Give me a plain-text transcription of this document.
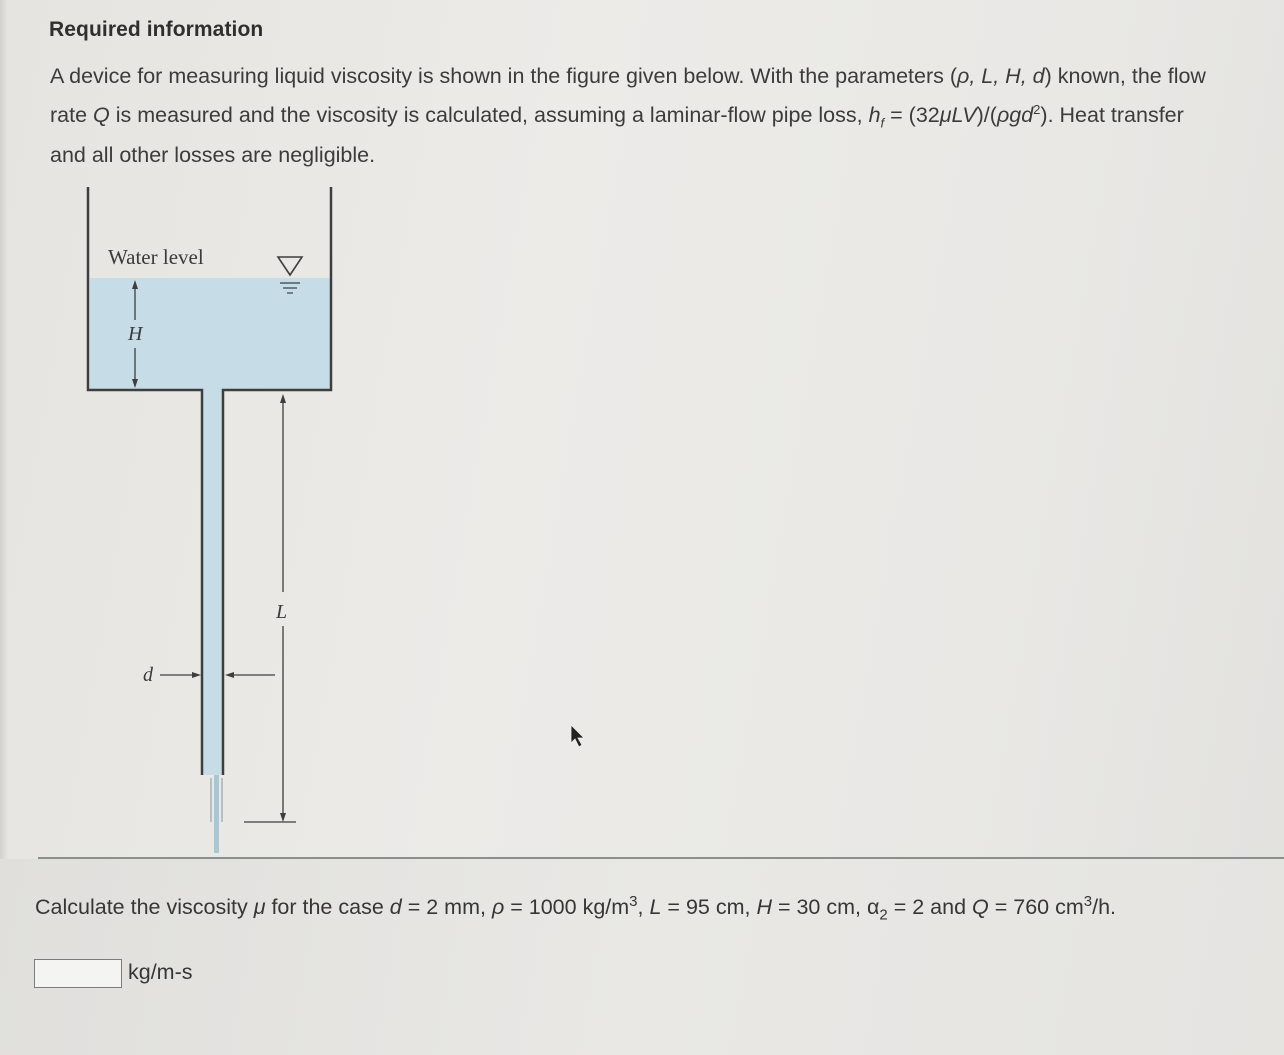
Required information
A device for measuring liquid viscosity is shown in the figure given below. With the parameters (ρ, L, H, d) known, the flow
rate Q is measured and the viscosity is calculated, assuming a laminar-flow pipe loss, $h_f = (32\mu LV)/(\rho gd^2)$. Heat transfer
and all other losses are negligible.
Water level
H
L
d
Calculate the viscosity μ for the case d = 2 mm, ρ = 1000 $kg/m^3$, L = 95 cm, H = 30 cm, $\alpha_2 = 2$ and Q = 760 $cm^3/h$.
kg/m-s
